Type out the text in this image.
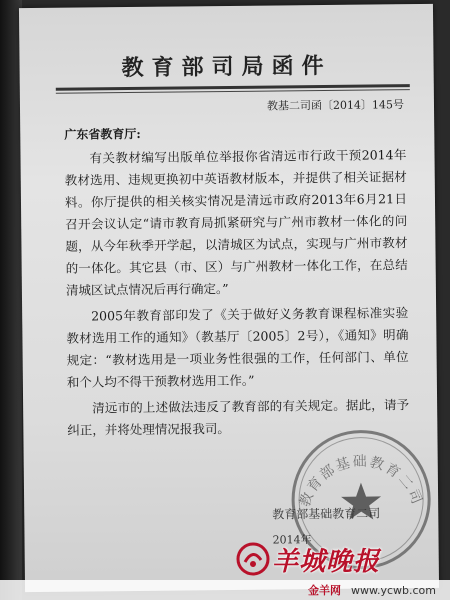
教育部司局函件
教基二司函〔2014〕145号
广东省教育厅:

有关教材编写出版单位举报你省清远市行政干预2014年教材选用、违规更换初中英语教材版本，并提供了相关证据材料。你厅提供的相关核实情况是清远市政府2013年6月21日召开会议认定“请市教育局抓紧研究与广州市教材一体化的问题，从今年秋季开学起，以清城区为试点，实现与广州市教材的一体化。其它县（市、区）与广州教材一体化工作，在总结清城区试点情况后再行确定。”

2005年教育部印发了《关于做好义务教育课程标准实验教材选用工作的通知》（教基厅〔2005〕2号），《通知》明确规定：“教材选用是一项业务性很强的工作，任何部门、单位和个人均不得干预教材选用工作。”

清远市的上述做法违反了教育部的有关规定。据此，请予纠正，并将处理情况报我司。

教育部基础教育二司
教育部基础教育二司
2014年
羊城晚报
金羊网 www.ycwb.com
